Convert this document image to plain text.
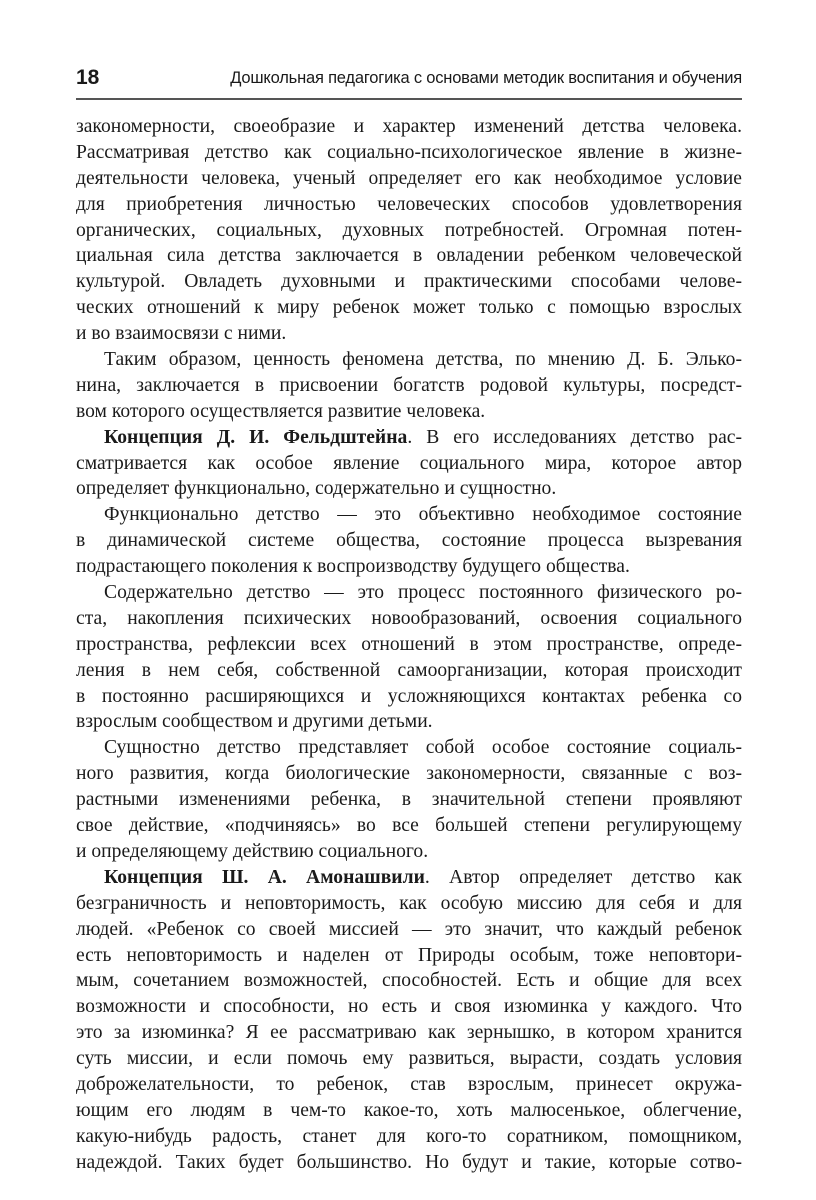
18	Дошкольная педагогика с основами методик воспитания и обучения
закономерности, своеобразие и характер изменений детства человека.
Рассматривая детство как социально-психологическое явление в жизне-
деятельности человека, ученый определяет его как необходимое условие
для приобретения личностью человеческих способов удовлетворения
органических, социальных, духовных потребностей. Огромная потен-
циальная сила детства заключается в овладении ребенком человеческой
культурой. Овладеть духовными и практическими способами челове-
ческих отношений к миру ребенок может только с помощью взрослых
и во взаимосвязи с ними.
Таким образом, ценность феномена детства, по мнению Д. Б. Элько-
нина, заключается в присвоении богатств родовой культуры, посредст-
вом которого осуществляется развитие человека.
Концепция Д. И. Фельдштейна. В его исследованиях детство рас-
сматривается как особое явление социального мира, которое автор
определяет функционально, содержательно и сущностно.
Функционально детство — это объективно необходимое состояние
в динамической системе общества, состояние процесса вызревания
подрастающего поколения к воспроизводству будущего общества.
Содержательно детство — это процесс постоянного физического ро-
ста, накопления психических новообразований, освоения социального
пространства, рефлексии всех отношений в этом пространстве, опреде-
ления в нем себя, собственной самоорганизации, которая происходит
в постоянно расширяющихся и усложняющихся контактах ребенка со
взрослым сообществом и другими детьми.
Сущностно детство представляет собой особое состояние социаль-
ного развития, когда биологические закономерности, связанные с воз-
растными изменениями ребенка, в значительной степени проявляют
свое действие, «подчиняясь» во все большей степени регулирующему
и определяющему действию социального.
Концепция Ш. А. Амонашвили. Автор определяет детство как
безграничность и неповторимость, как особую миссию для себя и для
людей. «Ребенок со своей миссией — это значит, что каждый ребенок
есть неповторимость и наделен от Природы особым, тоже неповтори-
мым, сочетанием возможностей, способностей. Есть и общие для всех
возможности и способности, но есть и своя изюминка у каждого. Что
это за изюминка? Я ее рассматриваю как зернышко, в котором хранится
суть миссии, и если помочь ему развиться, вырасти, создать условия
доброжелательности, то ребенок, став взрослым, принесет окружа-
ющим его людям в чем-то какое-то, хоть малюсенькое, облегчение,
какую-нибудь радость, станет для кого-то соратником, помощником,
надеждой. Таких будет большинство. Но будут и такие, которые сотво-
